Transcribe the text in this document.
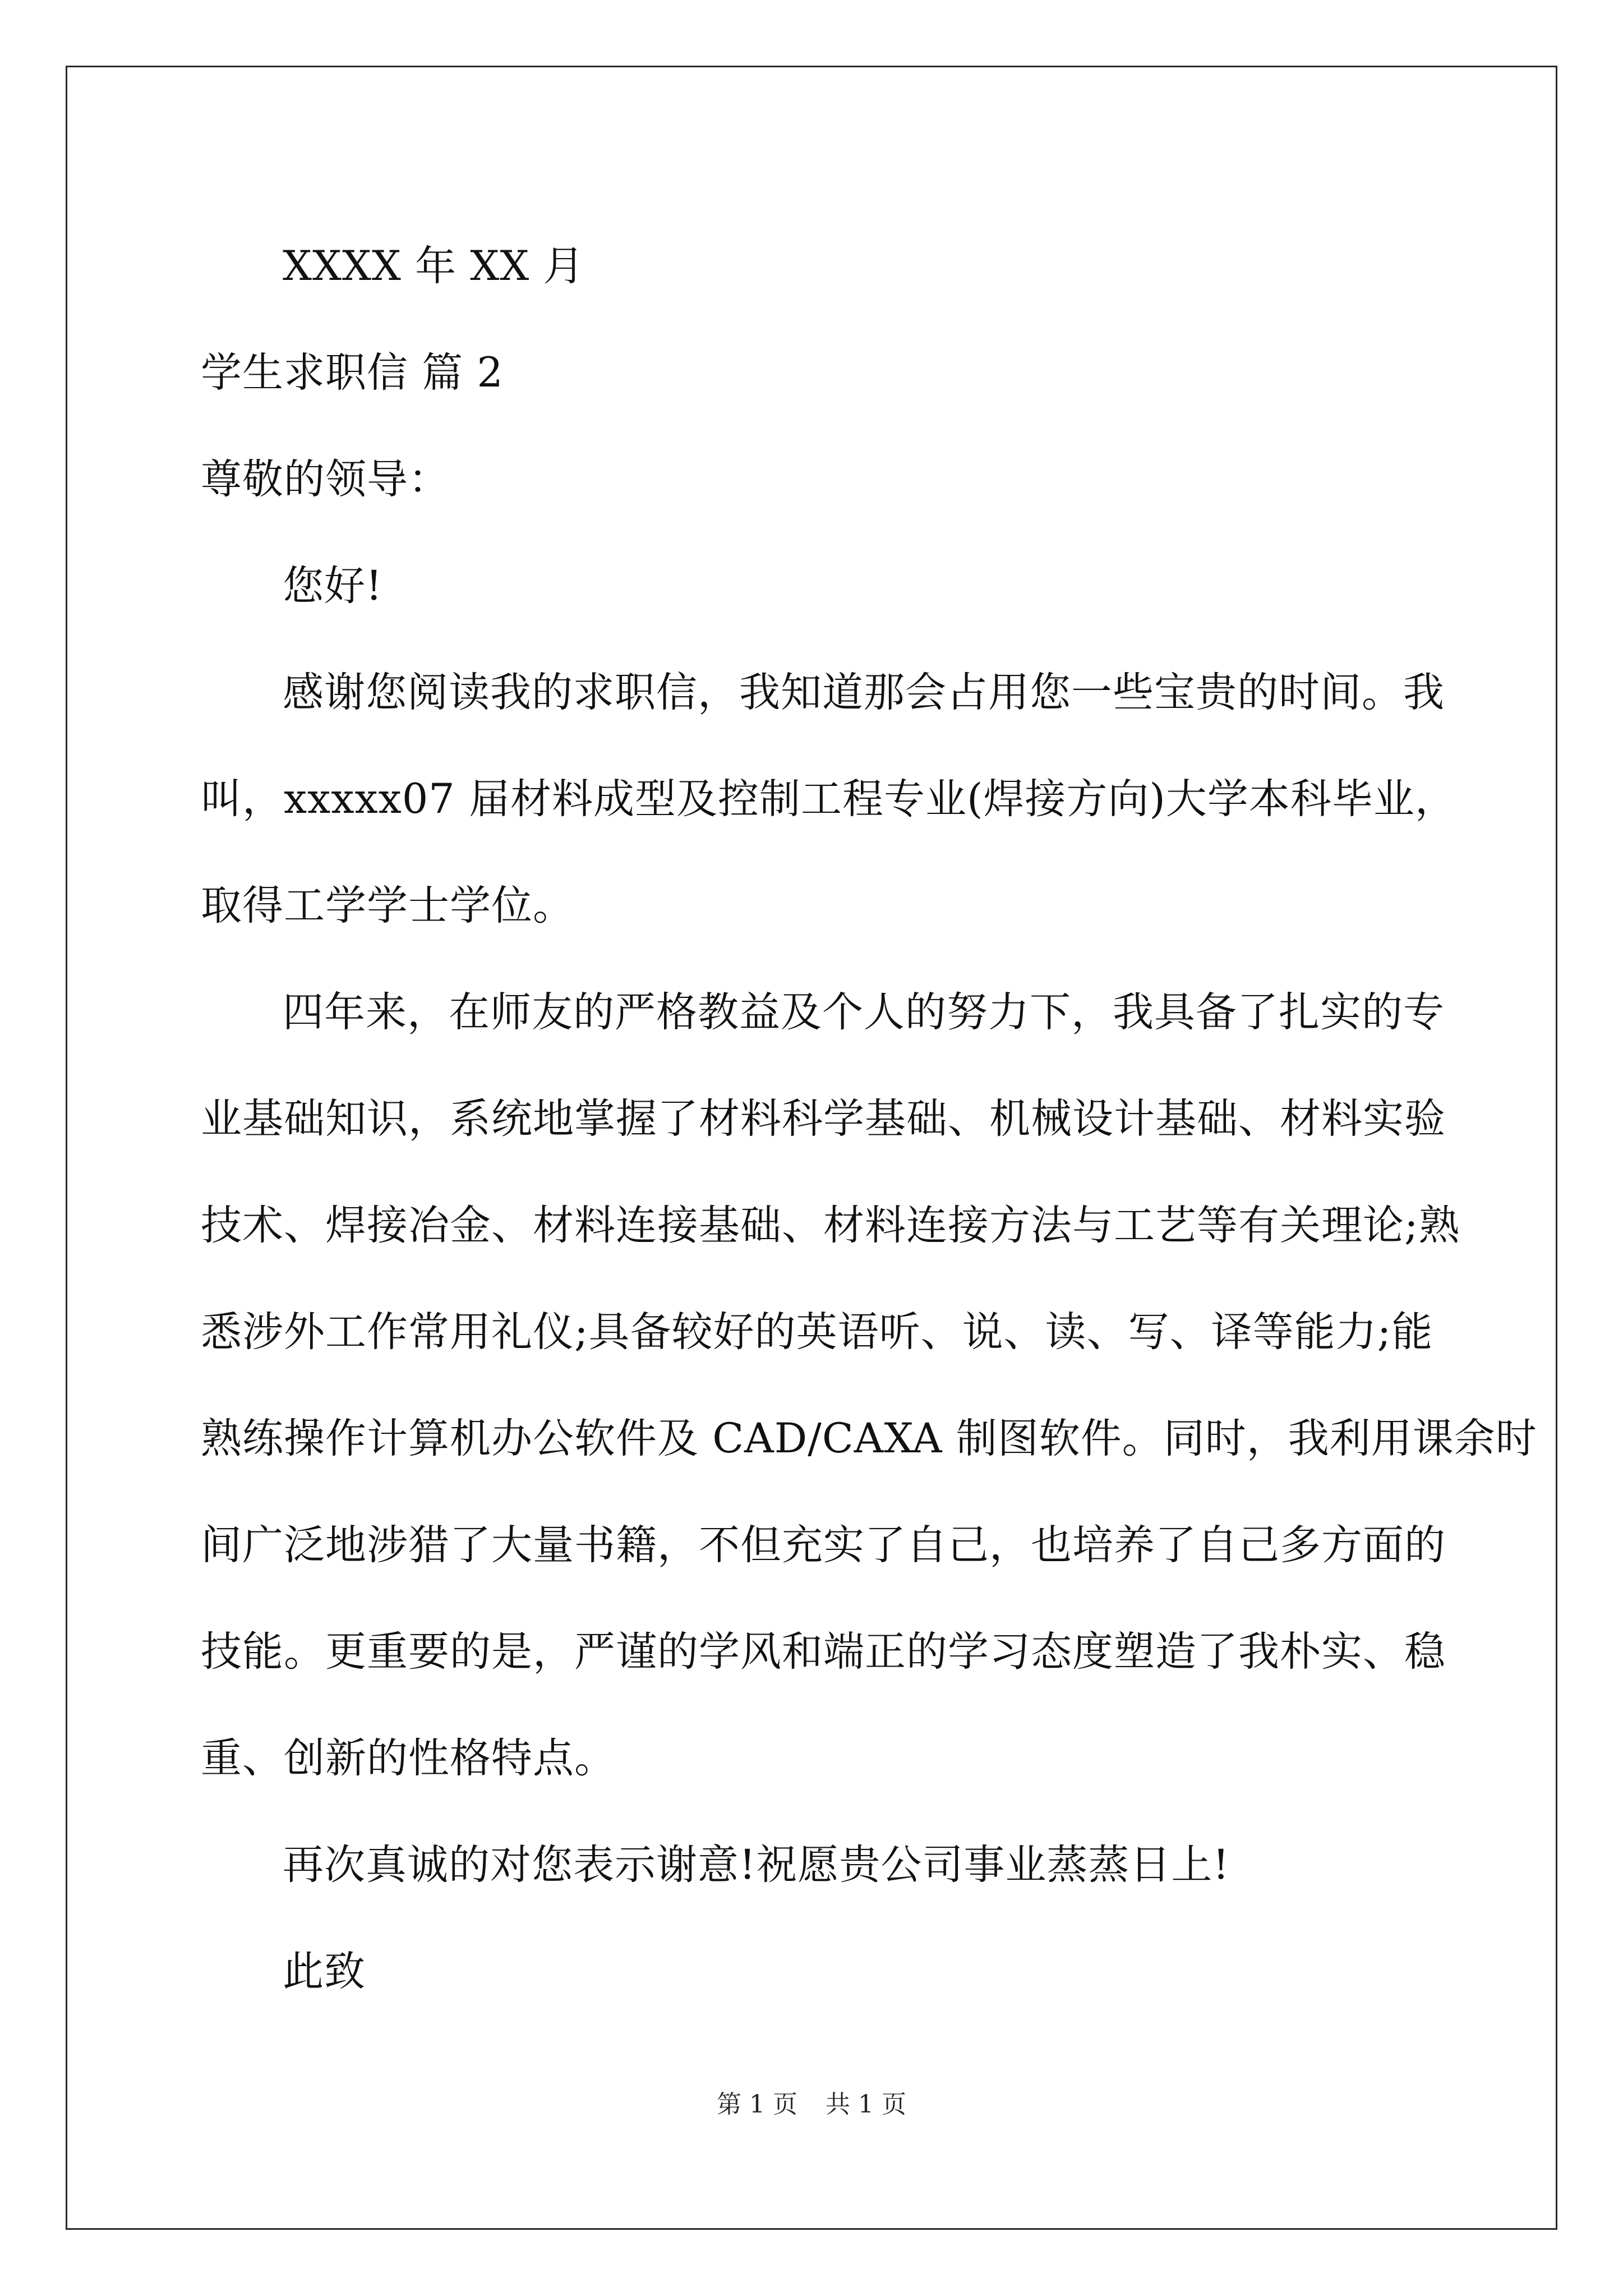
XXXX 年 XX 月
学生求职信 篇 2
尊敬的领导：
您好!
感谢您阅读我的求职信，我知道那会占用您一些宝贵的时间。我
叫，xxxxx07 届材料成型及控制工程专业(焊接方向)大学本科毕业，
取得工学学士学位。
四年来，在师友的严格教益及个人的努力下，我具备了扎实的专
业基础知识，系统地掌握了材料科学基础、机械设计基础、材料实验
技术、焊接冶金、材料连接基础、材料连接方法与工艺等有关理论;熟
悉涉外工作常用礼仪;具备较好的英语听、说、读、写、译等能力;能
熟练操作计算机办公软件及 CAD/CAXA 制图软件。同时，我利用课余时
间广泛地涉猎了大量书籍，不但充实了自己，也培养了自己多方面的
技能。更重要的是，严谨的学风和端正的学习态度塑造了我朴实、稳
重、创新的性格特点。
再次真诚的对您表示谢意!祝愿贵公司事业蒸蒸日上!
此致
第 1 页 共 1 页
